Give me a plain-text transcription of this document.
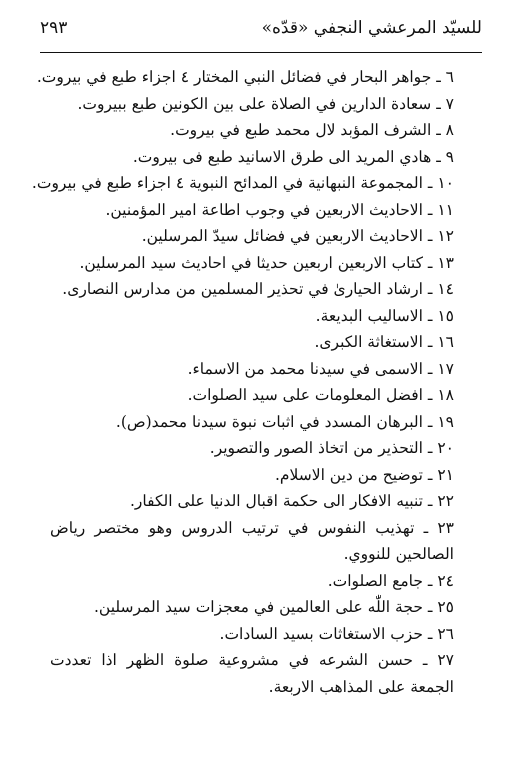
للسيّد المرعشي النجفي «قدّه»
٢٩٣
٦ ـ جواهر البحار في فضائل النبي المختار ٤ اجزاء طبع في بيروت.
٧ ـ سعادة الدارين في الصلاة على بين الكونين طبع ببيروت.
٨ ـ الشرف المؤبد لال محمد طبع في بيروت.
٩ ـ هادي المريد الى طرق الاسانيد طبع فى بيروت.
١٠ ـ المجموعة النبهانية في المدائح النبوية ٤ اجزاء طبع في بيروت.
١١ ـ الاحاديث الاربعين في وجوب اطاعة امير المؤمنين.
١٢ ـ الاحاديث الاربعين في فضائل سيدّ المرسلين.
١٣ ـ كتاب الاربعين اربعين حديثا في احاديث سيد المرسلين.
١٤ ـ ارشاد الحيارىٰ في تحذير المسلمين من مدارس النصارى.
١٥ ـ الاساليب البديعة.
١٦ ـ الاستغاثة الكبرى.
١٧ ـ الاسمى في سيدنا محمد من الاسماء.
١٨ ـ افضل المعلومات على سيد الصلوات.
١٩ ـ البرهان المسدد في اثبات نبوة سيدنا محمد(ص).
٢٠ ـ التحذير من اتخاذ الصور والتصوير.
٢١ ـ توضيح من دين الاسلام.
٢٢ ـ تنبيه الافكار الى حكمة اقبال الدنيا على الكفار.
٢٣ ـ تهذيب النفوس في ترتيب الدروس وهو مختصر رياض الصالحين للنووي.
٢٤ ـ جامع الصلوات.
٢٥ ـ حجة اللّٰه على العالمين في معجزات سيد المرسلين.
٢٦ ـ حزب الاستغاثات بسيد السادات.
٢٧ ـ حسن الشرعه في مشروعية صلوة الظهر اذا تعددت الجمعة على المذاهب الاربعة.
